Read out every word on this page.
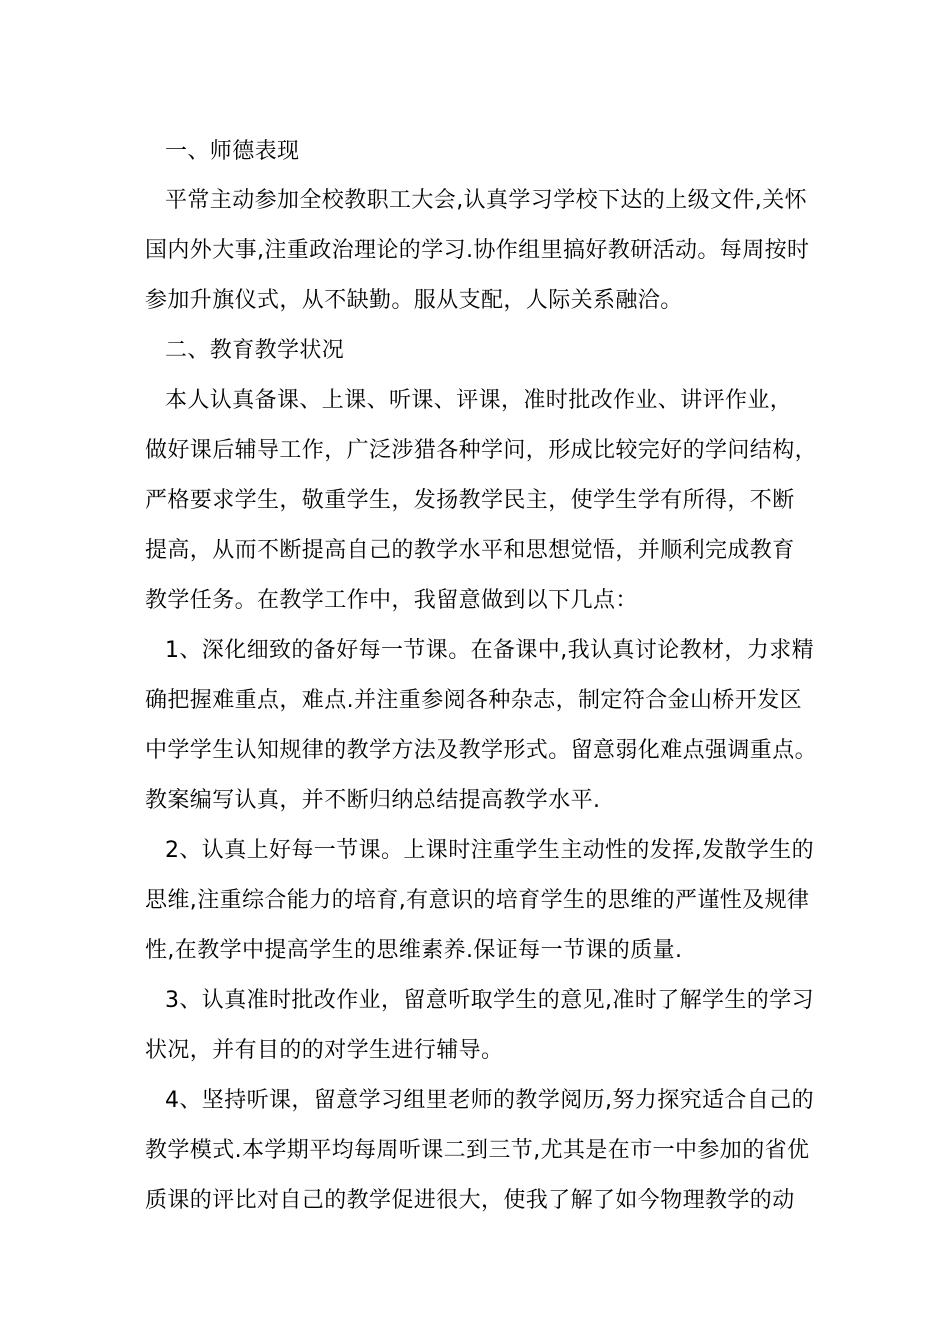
一、师德表现
平常主动参加全校教职工大会,认真学习学校下达的上级文件,关怀
国内外大事,注重政治理论的学习.协作组里搞好教研活动。每周按时
参加升旗仪式，从不缺勤。服从支配，人际关系融洽。
二、教育教学状况
本人认真备课、上课、听课、评课，准时批改作业、讲评作业，
做好课后辅导工作，广泛涉猎各种学问，形成比较完好的学问结构，
严格要求学生，敬重学生，发扬教学民主，使学生学有所得，不断
提高，从而不断提高自己的教学水平和思想觉悟，并顺利完成教育
教学任务。在教学工作中，我留意做到以下几点：
1、深化细致的备好每一节课。在备课中,我认真讨论教材，力求精
确把握难重点，难点.并注重参阅各种杂志，制定符合金山桥开发区
中学学生认知规律的教学方法及教学形式。留意弱化难点强调重点。
教案编写认真，并不断归纳总结提高教学水平.
2、认真上好每一节课。上课时注重学生主动性的发挥,发散学生的
思维,注重综合能力的培育,有意识的培育学生的思维的严谨性及规律
性,在教学中提高学生的思维素养.保证每一节课的质量.
3、认真准时批改作业，留意听取学生的意见,准时了解学生的学习
状况，并有目的的对学生进行辅导。
4、坚持听课，留意学习组里老师的教学阅历,努力探究适合自己的
教学模式.本学期平均每周听课二到三节,尤其是在市一中参加的省优
质课的评比对自己的教学促进很大，使我了解了如今物理教学的动
